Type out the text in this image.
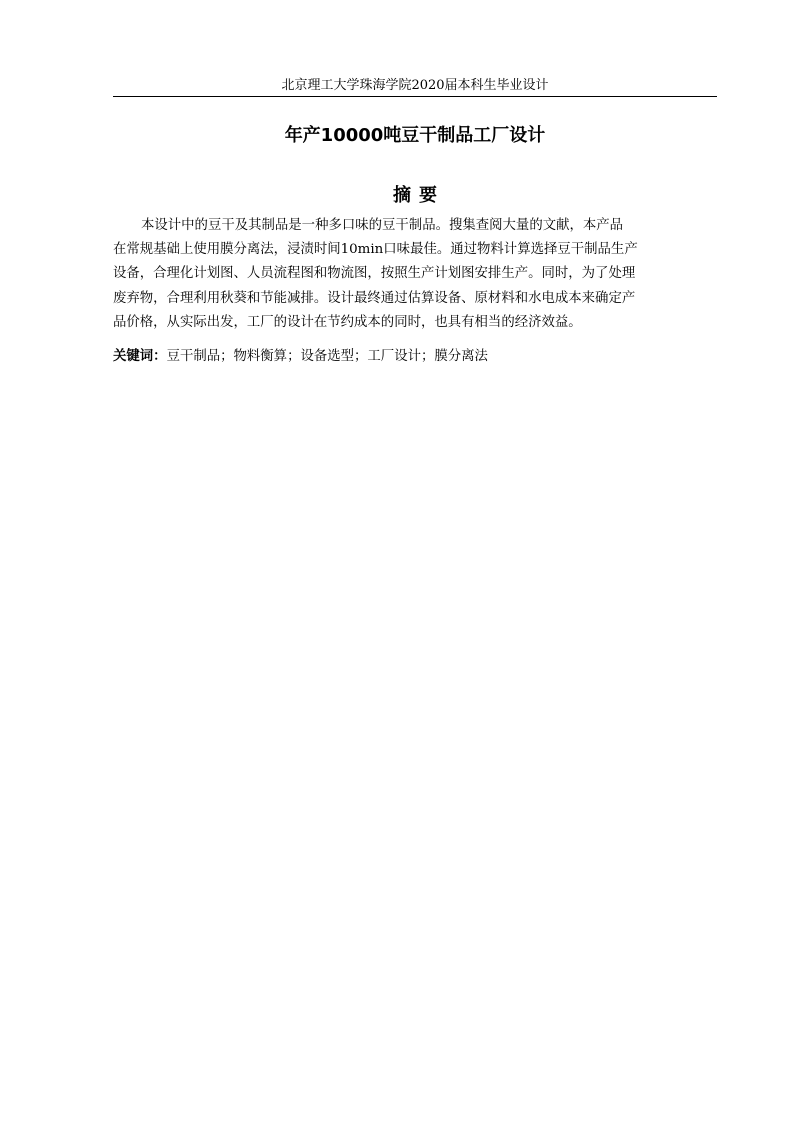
北京理工大学珠海学院2020届本科生毕业设计
年产10000吨豆干制品工厂设计
摘要
本设计中的豆干及其制品是一种多口味的豆干制品。搜集查阅大量的文献，本产品
在常规基础上使用膜分离法，浸渍时间10min口味最佳。通过物料计算选择豆干制品生产
设备，合理化计划图、人员流程图和物流图，按照生产计划图安排生产。同时，为了处理
废弃物，合理利用秋葵和节能减排。设计最终通过估算设备、原材料和水电成本来确定产
品价格，从实际出发，工厂的设计在节约成本的同时，也具有相当的经济效益。
关键词：豆干制品；物料衡算；设备选型；工厂设计；膜分离法
